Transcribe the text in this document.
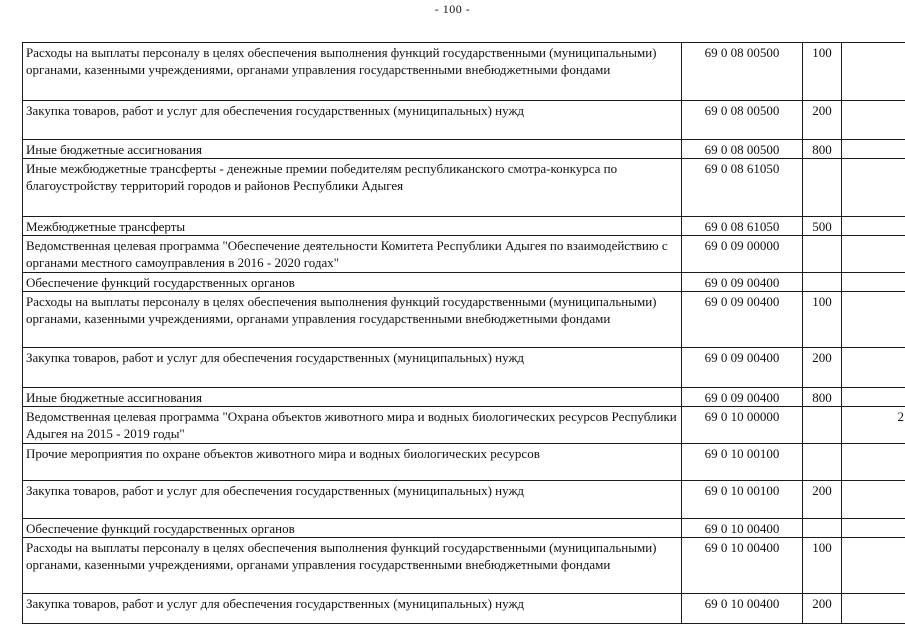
- 100 -
Расходы на выплаты персоналу в целях обеспечения выполнения функций государственными (муниципальными) органами, казенными учреждениями, органами управления государственными внебюджетными фондами	69 0 08 00500	100	
Закупка товаров, работ и услуг для обеспечения государственных (муниципальных) нужд	69 0 08 00500	200	
Иные бюджетные ассигнования	69 0 08 00500	800	
Иные межбюджетные трансферты - денежные премии победителям республиканского смотра-конкурса по благоустройству территорий городов и районов Республики Адыгея	69 0 08 61050		
Межбюджетные трансферты	69 0 08 61050	500	
Ведомственная целевая программа "Обеспечение деятельности Комитета Республики Адыгея по взаимодействию с органами местного самоуправления в 2016 - 2020 годах"	69 0 09 00000		
Обеспечение функций государственных органов	69 0 09 00400		
Расходы на выплаты персоналу в целях обеспечения выполнения функций государственными (муниципальными) органами, казенными учреждениями, органами управления государственными внебюджетными фондами	69 0 09 00400	100	
Закупка товаров, работ и услуг для обеспечения государственных (муниципальных) нужд	69 0 09 00400	200	
Иные бюджетные ассигнования	69 0 09 00400	800	
Ведомственная целевая программа "Охрана объектов животного мира и водных биологических ресурсов Республики Адыгея на 2015 - 2019 годы"	69 0 10 00000		2
Прочие мероприятия по охране объектов животного мира и водных биологических ресурсов	69 0 10 00100		
Закупка товаров, работ и услуг для обеспечения государственных (муниципальных) нужд	69 0 10 00100	200	
Обеспечение функций государственных органов	69 0 10 00400		
Расходы на выплаты персоналу в целях обеспечения выполнения функций государственными (муниципальными) органами, казенными учреждениями, органами управления государственными внебюджетными фондами	69 0 10 00400	100	
Закупка товаров, работ и услуг для обеспечения государственных (муниципальных) нужд	69 0 10 00400	200	
